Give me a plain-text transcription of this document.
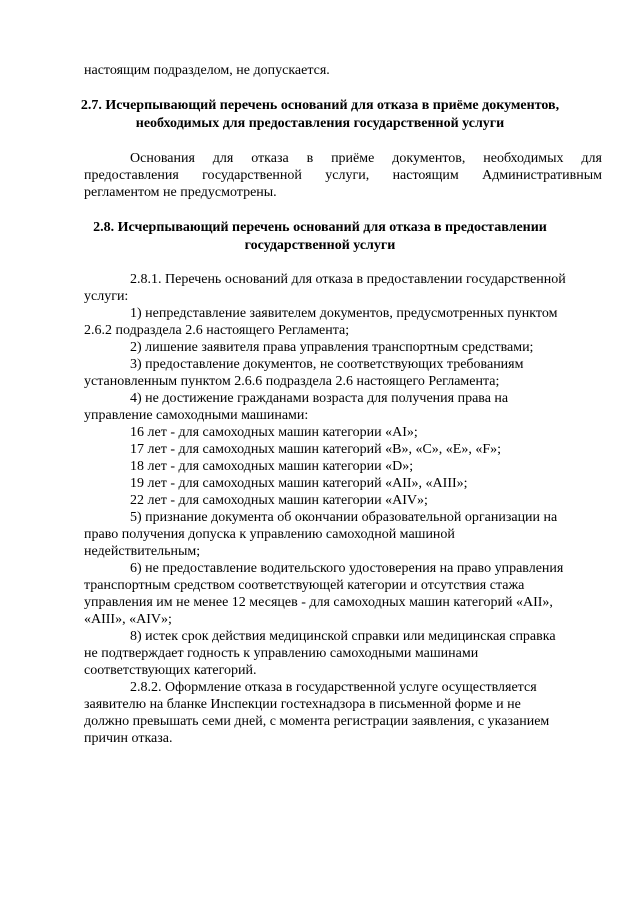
настоящим подразделом, не допускается.
2.7. Исчерпывающий перечень оснований для отказа в приёме документов,
необходимых для предоставления государственной услуги
Основания для отказа в приёме документов, необходимых для
предоставления государственной услуги, настоящим Административным
регламентом не предусмотрены.
2.8. Исчерпывающий перечень оснований для отказа в предоставлении
государственной услуги
2.8.1. Перечень оснований для отказа в предоставлении государственной
услуги:
1) непредставление заявителем документов, предусмотренных пунктом
2.6.2 подраздела 2.6 настоящего Регламента;
2) лишение заявителя права управления транспортным средствами;
3) предоставление документов, не соответствующих требованиям
установленным пунктом 2.6.6 подраздела 2.6 настоящего Регламента;
4) не достижение гражданами возраста для получения права на
управление самоходными машинами:
16 лет - для самоходных машин категории «AI»;
17 лет - для самоходных машин категорий «B», «C», «E», «F»;
18 лет - для самоходных машин категории «D»;
19 лет - для самоходных машин категорий «AII», «AIII»;
22 лет - для самоходных машин категории «AIV»;
5) признание документа об окончании образовательной организации на
право получения допуска к управлению самоходной машиной
недействительным;
6) не предоставление водительского удостоверения на право управления
транспортным средством соответствующей категории и отсутствия стажа
управления им не менее 12 месяцев - для самоходных машин категорий «AII»,
«AIII», «AIV»;
8) истек срок действия медицинской справки или медицинская справка
не подтверждает годность к управлению самоходными машинами
соответствующих категорий.
2.8.2. Оформление отказа в государственной услуге осуществляется
заявителю на бланке Инспекции гостехнадзора в письменной форме и не
должно превышать семи дней, с момента регистрации заявления, с указанием
причин отказа.
